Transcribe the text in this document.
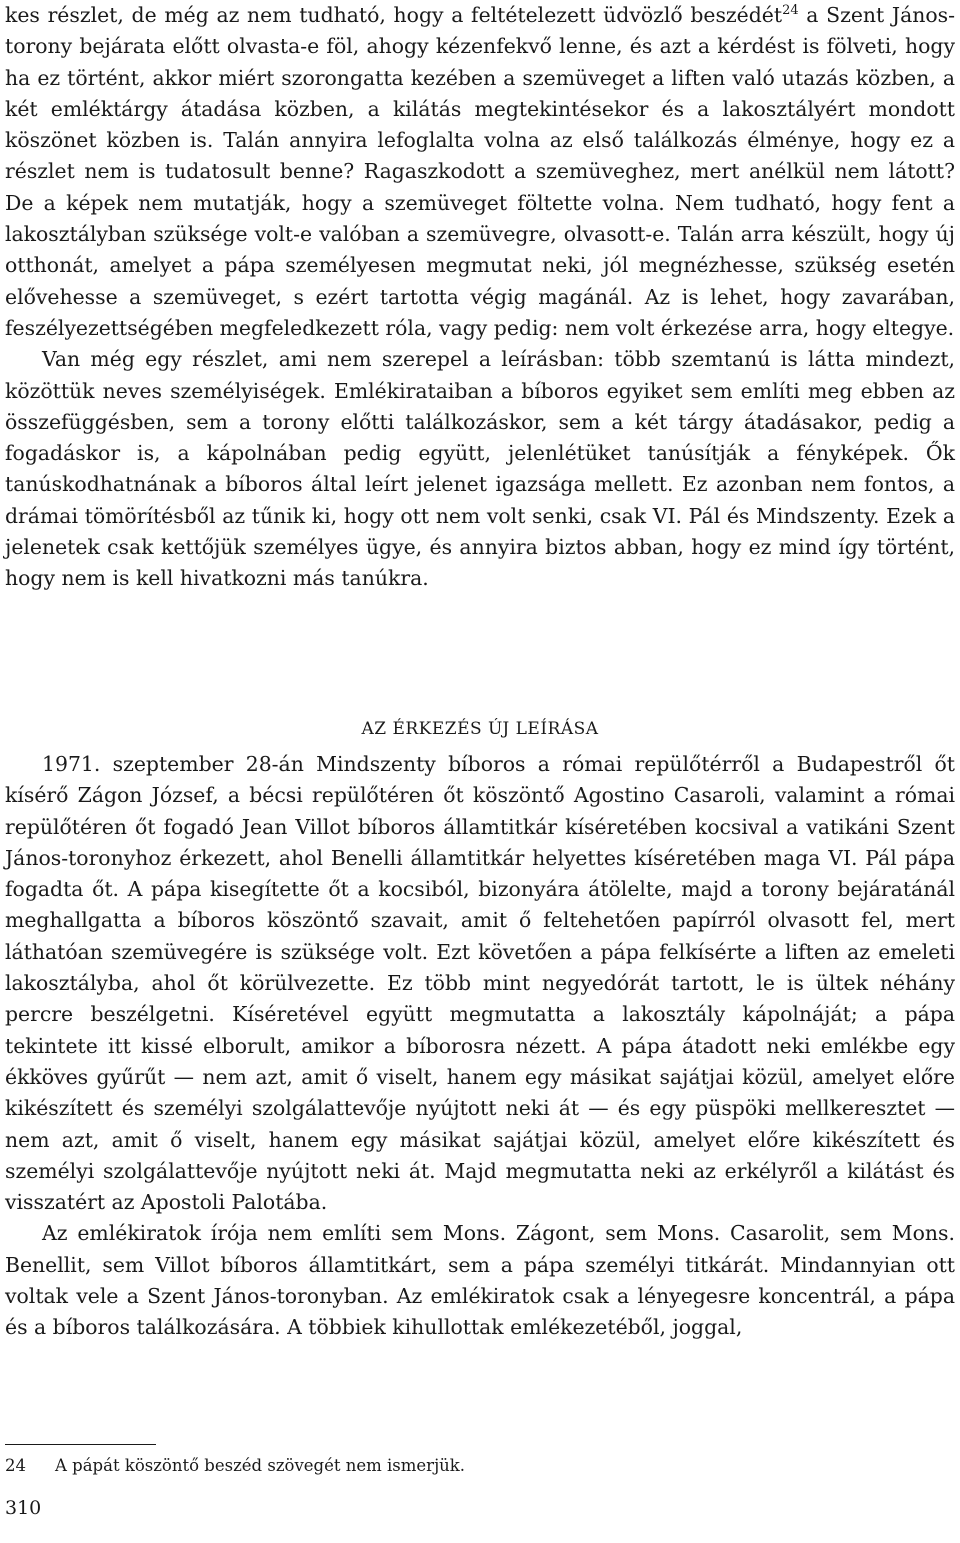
kes részlet, de még az nem tudható, hogy a feltételezett üdvözlő beszédét$^{24}$ a Szent János-torony bejárata előtt olvasta-e föl, ahogy kézenfekvő lenne, és azt a kérdést is fölveti, hogy ha ez történt, akkor miért szorongatta kezében a szemüveget a liften való utazás közben, a két emléktárgy átadása közben, a kilátás megtekintésekor és a lakosztályért mondott köszönet közben is. Talán annyira lefoglalta volna az első találkozás élménye, hogy ez a részlet nem is tudatosult benne? Ragaszkodott a szemüveghez, mert anélkül nem látott? De a képek nem mutatják, hogy a szemüveget föltette volna. Nem tudható, hogy fent a lakosztályban szüksége volt-e valóban a szemüvegre, olvasott-e. Talán arra készült, hogy új otthonát, amelyet a pápa személyesen megmutat neki, jól megnézhesse, szükség esetén elővehesse a szemüveget, s ezért tartotta végig magánál. Az is lehet, hogy zavarában, feszélyezettségében megfeledkezett róla, vagy pedig: nem volt érkezése arra, hogy eltegye.

Van még egy részlet, ami nem szerepel a leírásban: több szemtanú is látta mindezt, közöttük neves személyiségek. Emlékirataiban a bíboros egyiket sem említi meg ebben az összefüggésben, sem a torony előtti találkozáskor, sem a két tárgy átadásakor, pedig a fogadáskor is, a kápolnában pedig együtt, jelenlétüket tanúsítják a fényképek. Ők tanúskodhatnának a bíboros által leírt jelenet igazsága mellett. Ez azonban nem fontos, a drámai tömörítésből az tűnik ki, hogy ott nem volt senki, csak VI. Pál és Mindszenty. Ezek a jelenetek csak kettőjük személyes ügye, és annyira biztos abban, hogy ez mind így történt, hogy nem is kell hivatkozni más tanúkra.

AZ ÉRKEZÉS ÚJ LEÍRÁSA

1971. szeptember 28-án Mindszenty bíboros a római repülőtérről a Budapestről őt kísérő Zágon József, a bécsi repülőtéren őt köszöntő Agostino Casaroli, valamint a római repülőtéren őt fogadó Jean Villot bíboros államtitkár kíséretében kocsival a vatikáni Szent János-toronyhoz érkezett, ahol Benelli államtitkár helyettes kíséretében maga VI. Pál pápa fogadta őt. A pápa kisegítette őt a kocsiból, bizonyára átölelte, majd a torony bejáratánál meghallgatta a bíboros köszöntő szavait, amit ő feltehetően papírról olvasott fel, mert láthatóan szemüvegére is szüksége volt. Ezt követően a pápa felkísérte a liften az emeleti lakosztályba, ahol őt körülvezette. Ez több mint negyedórát tartott, le is ültek néhány percre beszélgetni. Kíséretével együtt megmutatta a lakosztály kápolnáját; a pápa tekintete itt kissé elborult, amikor a bíborosra nézett. A pápa átadott neki emlékbe egy ékköves gyűrűt — nem azt, amit ő viselt, hanem egy másikat sajátjai közül, amelyet előre kikészített és személyi szolgálattevője nyújtott neki át — és egy püspöki mellkeresztet — nem azt, amit ő viselt, hanem egy másikat sajátjai közül, amelyet előre kikészített és személyi szolgálattevője nyújtott neki át. Majd megmutatta neki az erkélyről a kilátást és visszatért az Apostoli Palotába.

Az emlékiratok írója nem említi sem Mons. Zágont, sem Mons. Casarolit, sem Mons. Benellit, sem Villot bíboros államtitkárt, sem a pápa személyi titkárát. Mindannyian ott voltak vele a Szent János-toronyban. Az emlékiratok csak a lényegesre koncentrál, a pápa és a bíboros találkozására. A többiek kihullottak emlékezetéből, joggal,

24 A pápát köszöntő beszéd szövegét nem ismerjük.
310
